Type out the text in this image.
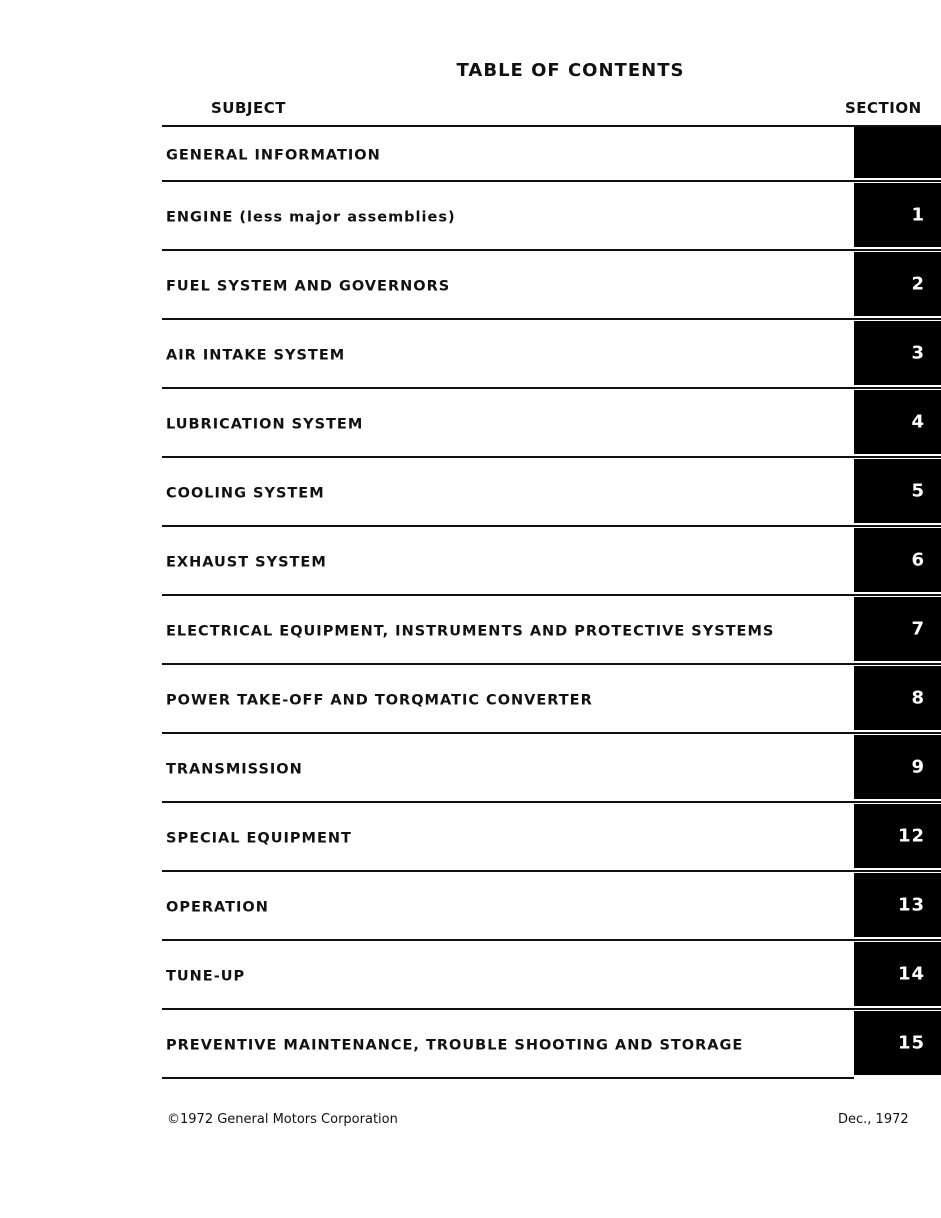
TABLE OF CONTENTS
SUBJECT	SECTION
GENERAL INFORMATION
ENGINE (less major assemblies)	1
FUEL SYSTEM AND GOVERNORS	2
AIR INTAKE SYSTEM	3
LUBRICATION SYSTEM	4
COOLING SYSTEM	5
EXHAUST SYSTEM	6
ELECTRICAL EQUIPMENT, INSTRUMENTS AND PROTECTIVE SYSTEMS	7
POWER TAKE-OFF AND TORQMATIC CONVERTER	8
TRANSMISSION	9
SPECIAL EQUIPMENT	12
OPERATION	13
TUNE-UP	14
PREVENTIVE MAINTENANCE, TROUBLE SHOOTING AND STORAGE	15
©1972 General Motors Corporation	Dec., 1972
